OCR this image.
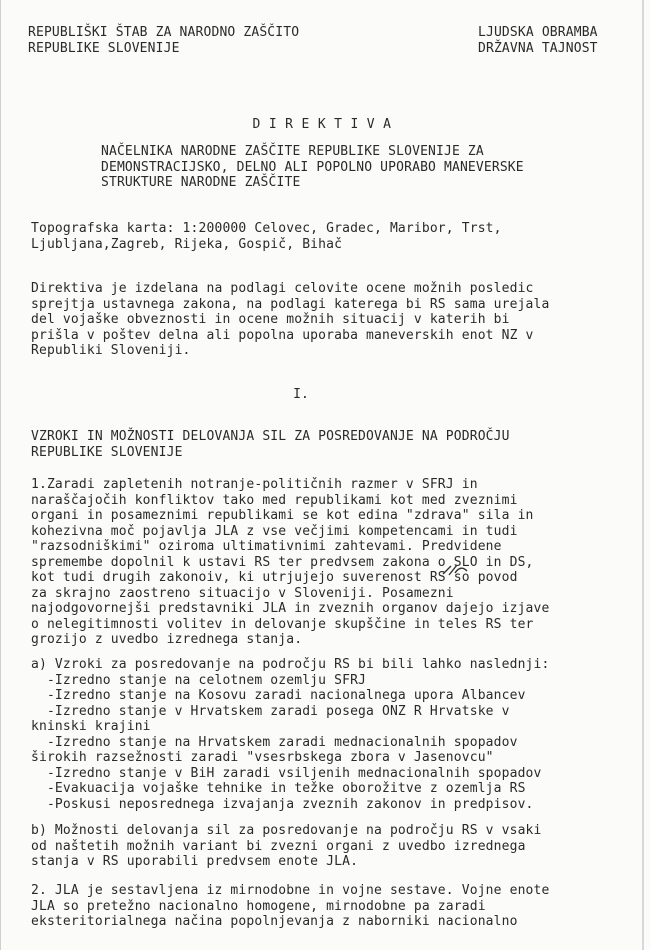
REPUBLIŠKI ŠTAB ZA NARODNO ZAŠČITO
REPUBLIKE SLOVENIJE
LJUDSKA OBRAMBA
DRŽAVNA TAJNOST
DIREKTIVA
NAČELNIKA NARODNE ZAŠČITE REPUBLIKE SLOVENIJE ZA
DEMONSTRACIJSKO, DELNO ALI POPOLNO UPORABO MANEVERSKE
STRUKTURE NARODNE ZAŠČITE
Topografska karta: 1:200000 Celovec, Gradec, Maribor, Trst,
Ljubljana,Zagreb, Rijeka, Gospič, Bihač
Direktiva je izdelana na podlagi celovite ocene možnih posledic
sprejtja ustavnega zakona, na podlagi katerega bi RS sama urejala
del vojaške obveznosti in ocene možnih situacij v katerih bi
prišla v poštev delna ali popolna uporaba maneverskih enot NZ v
Republiki Sloveniji.
I.
VZROKI IN MOŽNOSTI DELOVANJA SIL ZA POSREDOVANJE NA PODROČJU
REPUBLIKE SLOVENIJE
1.Zaradi zapletenih notranje-političnih razmer v SFRJ in
naraščajočih konfliktov tako med republikami kot med zveznimi
organi in posameznimi republikami se kot edina "zdrava" sila in
kohezivna moč pojavlja JLA z vse večjimi kompetencami in tudi
"razsodniškimi" oziroma ultimativnimi zahtevami. Predvidene
spremembe dopolnil k ustavi RS ter predvsem zakona o SLO in DS,
kot tudi drugih zakonoiv, ki utrjujejo suverenost RS so povod
za skrajno zaostreno situacijo v Sloveniji. Posamezni
najodgovornejši predstavniki JLA in zveznih organov dajejo izjave
o nelegitimnosti volitev in delovanje skupščine in teles RS ter
grozijo z uvedbo izrednega stanja.
a) Vzroki za posredovanje na področju RS bi bili lahko naslednji:
-Izredno stanje na celotnem ozemlju SFRJ
-Izredno stanje na Kosovu zaradi nacionalnega upora Albancev
-Izredno stanje v Hrvatskem zaradi posega ONZ R Hrvatske v
kninski krajini
-Izredno stanje na Hrvatskem zaradi mednacionalnih spopadov
širokih razsežnosti zaradi "vsesrbskega zbora v Jasenovcu"
-Izredno stanje v BiH zaradi vsiljenih mednacionalnih spopadov
-Evakuacija vojaške tehnike in težke oborožitve z ozemlja RS
-Poskusi neposrednega izvajanja zveznih zakonov in predpisov.
b) Možnosti delovanja sil za posredovanje na področju RS v vsaki
od naštetih možnih variant bi zvezni organi z uvedbo izrednega
stanja v RS uporabili predvsem enote JLA.
2. JLA je sestavljena iz mirnodobne in vojne sestave. Vojne enote
JLA so pretežno nacionalno homogene, mirnodobne pa zaradi
eksteritorialnega načina popolnjevanja z naborniki nacionalno
